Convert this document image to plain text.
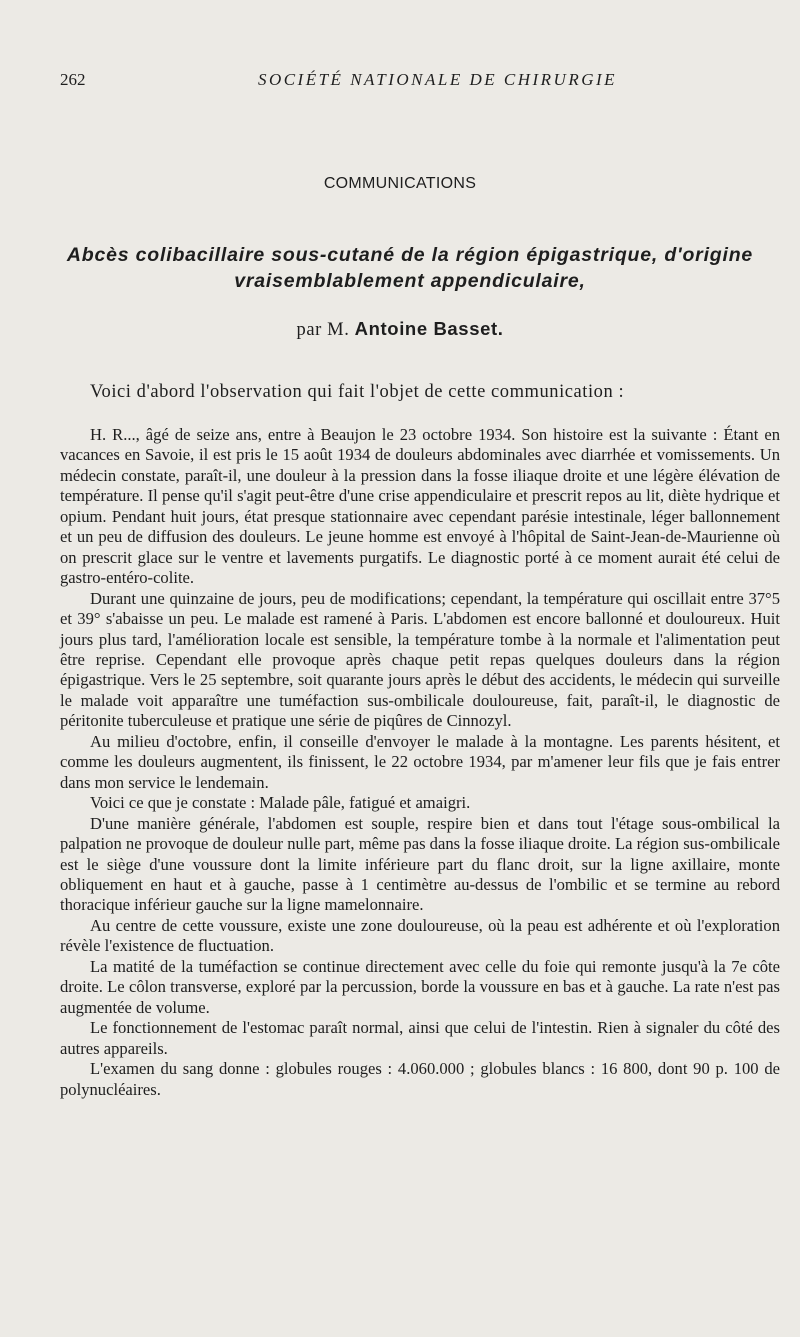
262	SOCIÉTÉ NATIONALE DE CHIRURGIE
COMMUNICATIONS
Abcès colibacillaire sous-cutané de la région épigastrique, d'origine vraisemblablement appendiculaire,
par M. Antoine Basset.
Voici d'abord l'observation qui fait l'objet de cette communication :

H. R..., âgé de seize ans, entre à Beaujon le 23 octobre 1934. Son histoire est la suivante : Étant en vacances en Savoie, il est pris le 15 août 1934 de douleurs abdominales avec diarrhée et vomissements. Un médecin constate, paraît-il, une douleur à la pression dans la fosse iliaque droite et une légère élévation de température. Il pense qu'il s'agit peut-être d'une crise appendiculaire et prescrit repos au lit, diète hydrique et opium. Pendant huit jours, état presque stationnaire avec cependant parésie intestinale, léger ballonnement et un peu de diffusion des douleurs. Le jeune homme est envoyé à l'hôpital de Saint-Jean-de-Maurienne où on prescrit glace sur le ventre et lavements purgatifs. Le diagnostic porté à ce moment aurait été celui de gastro-entéro-colite.

Durant une quinzaine de jours, peu de modifications; cependant, la température qui oscillait entre 37°5 et 39° s'abaisse un peu. Le malade est ramené à Paris. L'abdomen est encore ballonné et douloureux. Huit jours plus tard, l'amélioration locale est sensible, la température tombe à la normale et l'alimentation peut être reprise. Cependant elle provoque après chaque petit repas quelques douleurs dans la région épigastrique. Vers le 25 septembre, soit quarante jours après le début des accidents, le médecin qui surveille le malade voit apparaître une tuméfaction sus-ombilicale douloureuse, fait, paraît-il, le diagnostic de péritonite tuberculeuse et pratique une série de piqûres de Cinnozyl.

Au milieu d'octobre, enfin, il conseille d'envoyer le malade à la montagne. Les parents hésitent, et comme les douleurs augmentent, ils finissent, le 22 octobre 1934, par m'amener leur fils que je fais entrer dans mon service le lendemain.

Voici ce que je constate : Malade pâle, fatigué et amaigri.

D'une manière générale, l'abdomen est souple, respire bien et dans tout l'étage sous-ombilical la palpation ne provoque de douleur nulle part, même pas dans la fosse iliaque droite. La région sus-ombilicale est le siège d'une voussure dont la limite inférieure part du flanc droit, sur la ligne axillaire, monte obliquement en haut et à gauche, passe à 1 centimètre au-dessus de l'ombilic et se termine au rebord thoracique inférieur gauche sur la ligne mamelonnaire.

Au centre de cette voussure, existe une zone douloureuse, où la peau est adhérente et où l'exploration révèle l'existence de fluctuation.

La matité de la tuméfaction se continue directement avec celle du foie qui remonte jusqu'à la 7e côte droite. Le côlon transverse, exploré par la percussion, borde la voussure en bas et à gauche. La rate n'est pas augmentée de volume.

Le fonctionnement de l'estomac paraît normal, ainsi que celui de l'intestin. Rien à signaler du côté des autres appareils.

L'examen du sang donne : globules rouges : 4.060.000 ; globules blancs : 16 800, dont 90 p. 100 de polynucléaires.
